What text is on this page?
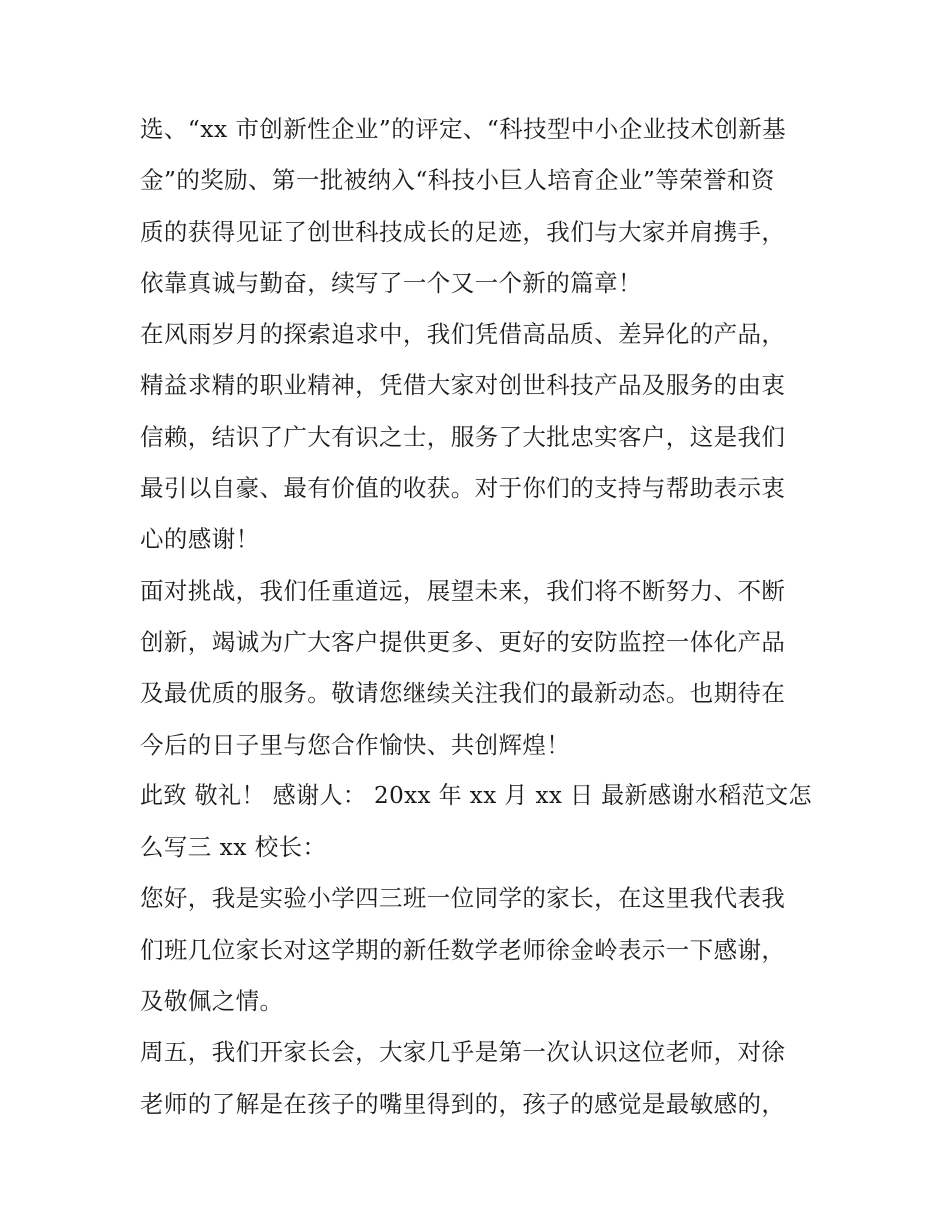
选、“xx 市创新性企业”的评定、“科技型中小企业技术创新基
金”的奖励、第一批被纳入“科技小巨人培育企业”等荣誉和资
质的获得见证了创世科技成长的足迹，我们与大家并肩携手，
依靠真诚与勤奋，续写了一个又一个新的篇章！
在风雨岁月的探索追求中，我们凭借高品质、差异化的产品，
精益求精的职业精神，凭借大家对创世科技产品及服务的由衷
信赖，结识了广大有识之士，服务了大批忠实客户，这是我们
最引以自豪、最有价值的收获。对于你们的支持与帮助表示衷
心的感谢！
面对挑战，我们任重道远，展望未来，我们将不断努力、不断
创新，竭诚为广大客户提供更多、更好的安防监控一体化产品
及最优质的服务。敬请您继续关注我们的最新动态。也期待在
今后的日子里与您合作愉快、共创辉煌！
此致 敬礼！ 感谢人： 20xx 年 xx 月 xx 日 最新感谢水稻范文怎
么写三 xx 校长：
您好，我是实验小学四三班一位同学的家长，在这里我代表我
们班几位家长对这学期的新任数学老师徐金岭表示一下感谢，
及敬佩之情。
周五，我们开家长会，大家几乎是第一次认识这位老师，对徐
老师的了解是在孩子的嘴里得到的，孩子的感觉是最敏感的，
